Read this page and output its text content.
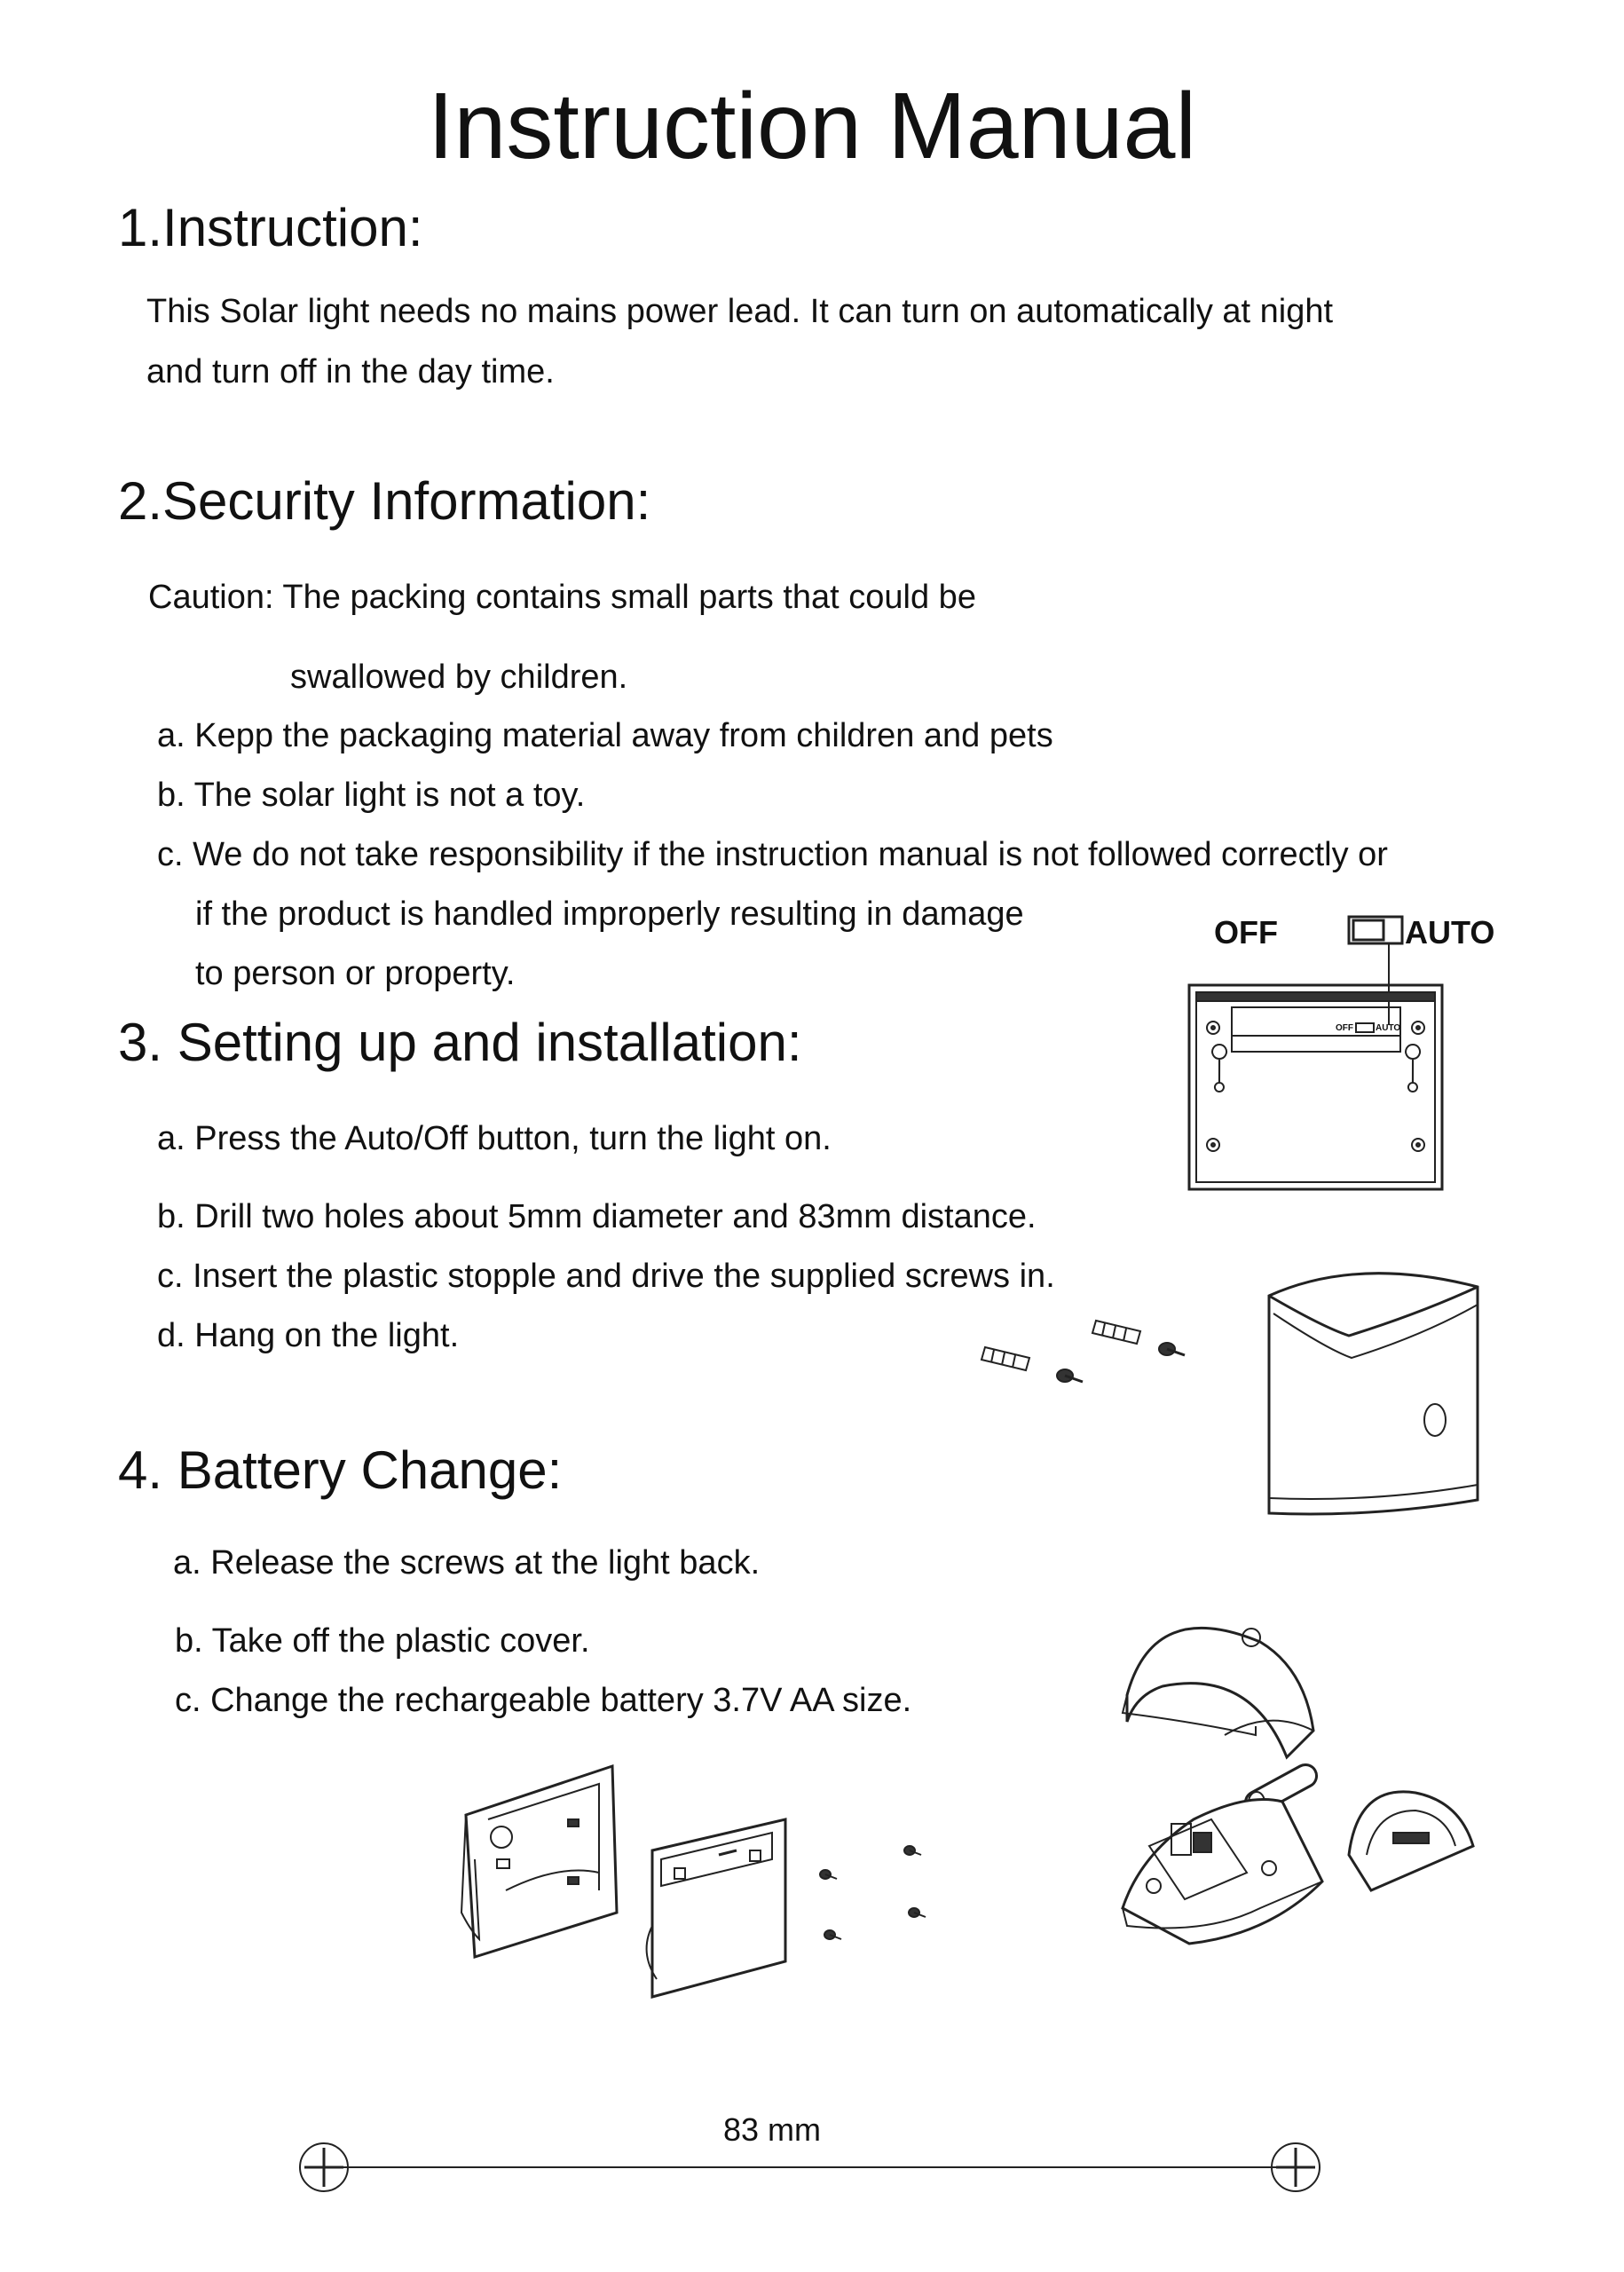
Instruction Manual
1.Instruction:

This Solar light needs no mains power lead. It can turn on automatically at night

and turn off in the day time.

2.Security Information:

Caution: The packing contains small parts that could be

swallowed by children.

a. Kepp the packaging material away from children and pets

b. The solar light is not a toy.

c. We do not take responsibility if the instruction manual is not followed correctly or

if the product is handled improperly resulting in damage

to person or property.

3. Setting up and installation:

a. Press the Auto/Off button, turn the light on.

b. Drill two holes about 5mm diameter and 83mm distance.

c. Insert the plastic stopple and drive the supplied screws in.

d. Hang on the light.

4. Battery Change:

a. Release the screws at the light back.

b. Take off the plastic cover.

c. Change the rechargeable battery 3.7V AA size.

OFF	AUTO
OFF	AUTO
83 mm
